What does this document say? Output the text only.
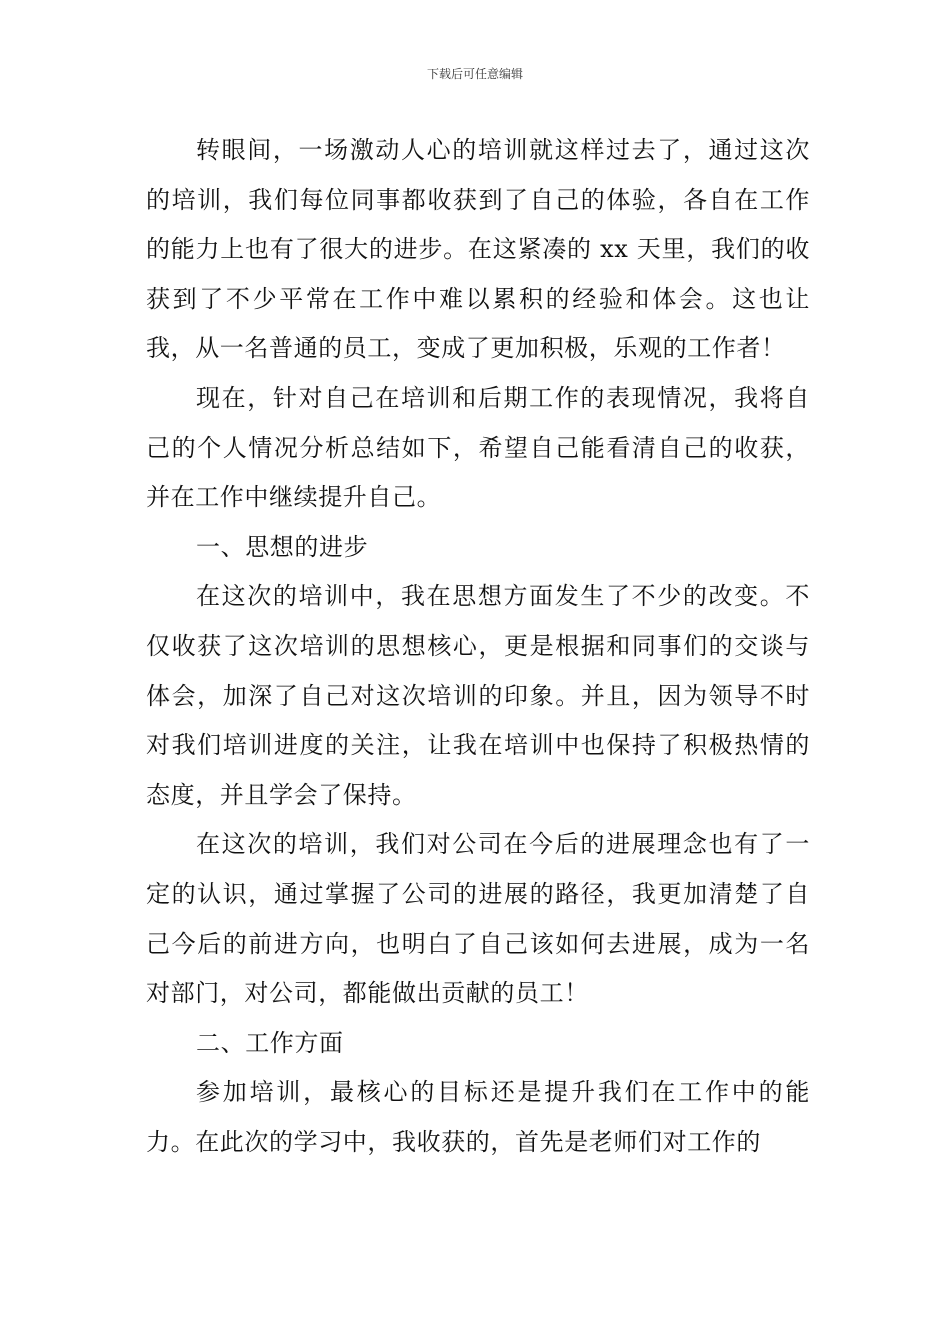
下载后可任意编辑

转眼间，一场激动人心的培训就这样过去了，通过这次的培训，我们每位同事都收获到了自己的体验，各自在工作的能力上也有了很大的进步。在这紧凑的 xx 天里，我们的收获到了不少平常在工作中难以累积的经验和体会。这也让我，从一名普通的员工，变成了更加积极，乐观的工作者！

现在，针对自己在培训和后期工作的表现情况，我将自己的个人情况分析总结如下，希望自己能看清自己的收获，并在工作中继续提升自己。

一、思想的进步

在这次的培训中，我在思想方面发生了不少的改变。不仅收获了这次培训的思想核心，更是根据和同事们的交谈与体会，加深了自己对这次培训的印象。并且，因为领导不时对我们培训进度的关注，让我在培训中也保持了积极热情的态度，并且学会了保持。

在这次的培训，我们对公司在今后的进展理念也有了一定的认识，通过掌握了公司的进展的路径，我更加清楚了自己今后的前进方向，也明白了自己该如何去进展，成为一名对部门，对公司，都能做出贡献的员工！

二、工作方面

参加培训，最核心的目标还是提升我们在工作中的能力。在此次的学习中，我收获的，首先是老师们对工作的
